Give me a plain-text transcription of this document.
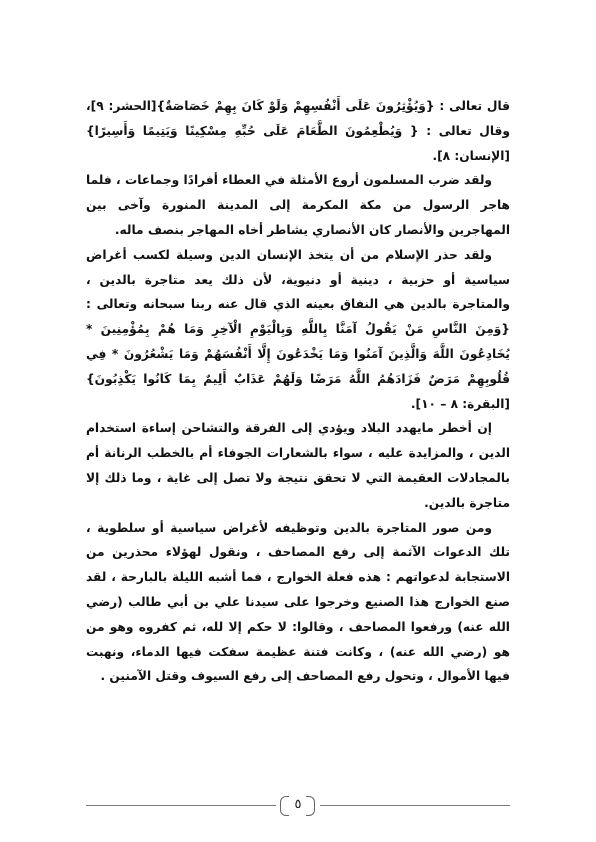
قال تعالى : {وَيُؤْثِرُونَ عَلَى أَنْفُسِهِمْ وَلَوْ كَانَ بِهِمْ خَصَاصَةٌ}[الحشر: ٩]، وقال تعالى : { وَيُطْعِمُونَ الطَّعَامَ عَلَى حُبِّهِ مِسْكِينًا وَيَتِيمًا وَأَسِيرًا}[الإنسان: ٨].

ولقد ضرب المسلمون أروع الأمثلة في العطاء أفرادًا وجماعات ، فلما هاجر الرسول من مكة المكرمة إلى المدينة المنورة وآخى بين المهاجرين والأنصار كان الأنصاري يشاطر أخاه المهاجر بنصف ماله.

ولقد حذر الإسلام من أن يتخذ الإنسان الدين وسيلة لكسب أغراض سياسية أو حزبية ، دينية أو دنيوية، لأن ذلك يعد متاجرة بالدين ، والمتاجرة بالدين هي النفاق بعينه الذي قال عنه ربنا سبحانه وتعالى : {وَمِنَ النَّاسِ مَنْ يَقُولُ آمَنَّا بِاللَّهِ وَبِالْيَوْمِ الْآخِرِ وَمَا هُمْ بِمُؤْمِنِينَ * يُخَادِعُونَ اللَّهَ وَالَّذِينَ آمَنُوا وَمَا يَخْدَعُونَ إِلَّا أَنْفُسَهُمْ وَمَا يَشْعُرُونَ * فِي قُلُوبِهِمْ مَرَضٌ فَزَادَهُمُ اللَّهُ مَرَضًا وَلَهُمْ عَذَابٌ أَلِيمٌ بِمَا كَانُوا يَكْذِبُونَ} [البقرة: ٨ – ١٠].

إن أخطر مايهدد البلاد ويؤدي إلى الفرقة والتشاحن إساءة استخدام الدين ، والمزايدة عليه ، سواء بالشعارات الجوفاء أم بالخطب الرنانة أم بالمجادلات العقيمة التي لا تحقق نتيجة ولا تصل إلى غاية ، وما ذلك إلا متاجرة بالدين.

ومن صور المتاجرة بالدين وتوظيفه لأغراض سياسية أو سلطوية ، تلك الدعوات الآثمة إلى رفع المصاحف ، ونقول لهؤلاء محذرين من الاستجابة لدعواتهم : هذه فعلة الخوارج ، فما أشبه الليلة بالبارحة ، لقد صنع الخوارج هذا الصنيع وخرجوا على سيدنا علي بن أبي طالب (رضي الله عنه) ورفعوا المصاحف ، وقالوا: لا حكم إلا لله، ثم كفروه وهو من هو (رضي الله عنه) ، وكانت فتنة عظيمة سفكت فيها الدماء، ونهبت فيها الأموال ، وتحول رفع المصاحف إلى رفع السيوف وقتل الآمنين .

٥
